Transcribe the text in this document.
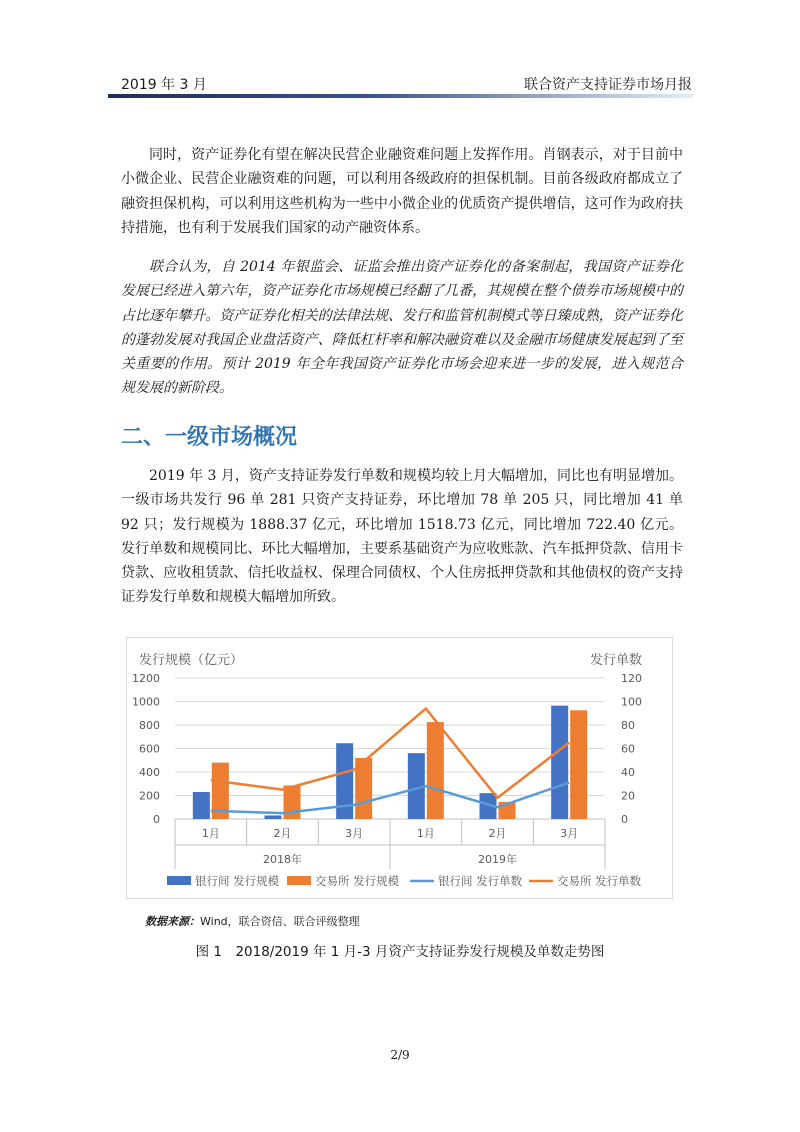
2019 年 3 月	联合资产支持证券市场月报

同时，资产证券化有望在解决民营企业融资难问题上发挥作用。肖钢表示，对于目前中小微企业、民营企业融资难的问题，可以利用各级政府的担保机制。目前各级政府都成立了融资担保机构，可以利用这些机构为一些中小微企业的优质资产提供增信，这可作为政府扶持措施，也有利于发展我们国家的动产融资体系。

联合认为，自 2014 年银监会、证监会推出资产证券化的备案制起，我国资产证券化发展已经进入第六年，资产证券化市场规模已经翻了几番，其规模在整个债券市场规模中的占比逐年攀升。资产证券化相关的法律法规、发行和监管机制模式等日臻成熟，资产证券化的蓬勃发展对我国企业盘活资产、降低杠杆率和解决融资难以及金融市场健康发展起到了至关重要的作用。预计 2019 年全年我国资产证券化市场会迎来进一步的发展，进入规范合规发展的新阶段。

二、一级市场概况

2019 年 3 月，资产支持证券发行单数和规模均较上月大幅增加，同比也有明显增加。一级市场共发行 96 单 281 只资产支持证券，环比增加 78 单 205 只，同比增加 41 单 92 只；发行规模为 1888.37 亿元，环比增加 1518.73 亿元，同比增加 722.40 亿元。发行单数和规模同比、环比大幅增加，主要系基础资产为应收账款、汽车抵押贷款、信用卡贷款、应收租赁款、信托收益权、保理合同债权、个人住房抵押贷款和其他债权的资产支持证券发行单数和规模大幅增加所致。

发行规模（亿元）	发行单数
0
200
400
600
800
1000
1200
0
20
40
60
80
100
120
1月	2月	3月	1月	2月	3月
2018年	2019年
银行间 发行规模	交易所 发行规模	银行间 发行单数	交易所 发行单数
数据来源：Wind，联合资信、联合评级整理
图 1　2018/2019 年 1 月-3 月资产支持证券发行规模及单数走势图
2/9
